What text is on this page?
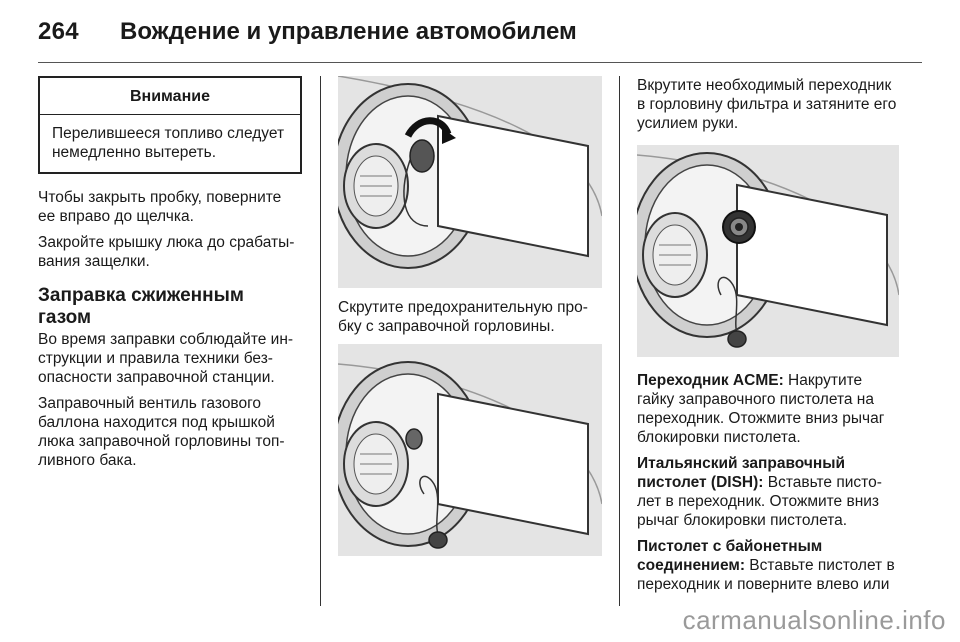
264 Вождение и управление автомобилем
Внимание
Перелившееся топливо следует немедленно вытереть.

Чтобы закрыть пробку, поверните ее вправо до щелчка.

Закройте крышку люка до срабаты-вания защелки.

Заправка сжиженным газом

Во время заправки соблюдайте ин-струкции и правила техники без-опасности заправочной станции.

Заправочный вентиль газового баллона находится под крышкой люка заправочной горловины топ-ливного бака.

Скрутите предохранительную про-бку с заправочной горловины.

Вкрутите необходимый переходник в горловину фильтра и затяните его усилием руки.

Переходник ACME: Накрутите гайку заправочного пистолета на переходник. Отожмите вниз рычаг блокировки пистолета.

Итальянский заправочный пистолет (DISH): Вставьте писто-лет в переходник. Отожмите вниз рычаг блокировки пистолета.

Пистолет с байонетным соединением: Вставьте пистолет в переходник и поверните влево или

carmanualsonline.info
